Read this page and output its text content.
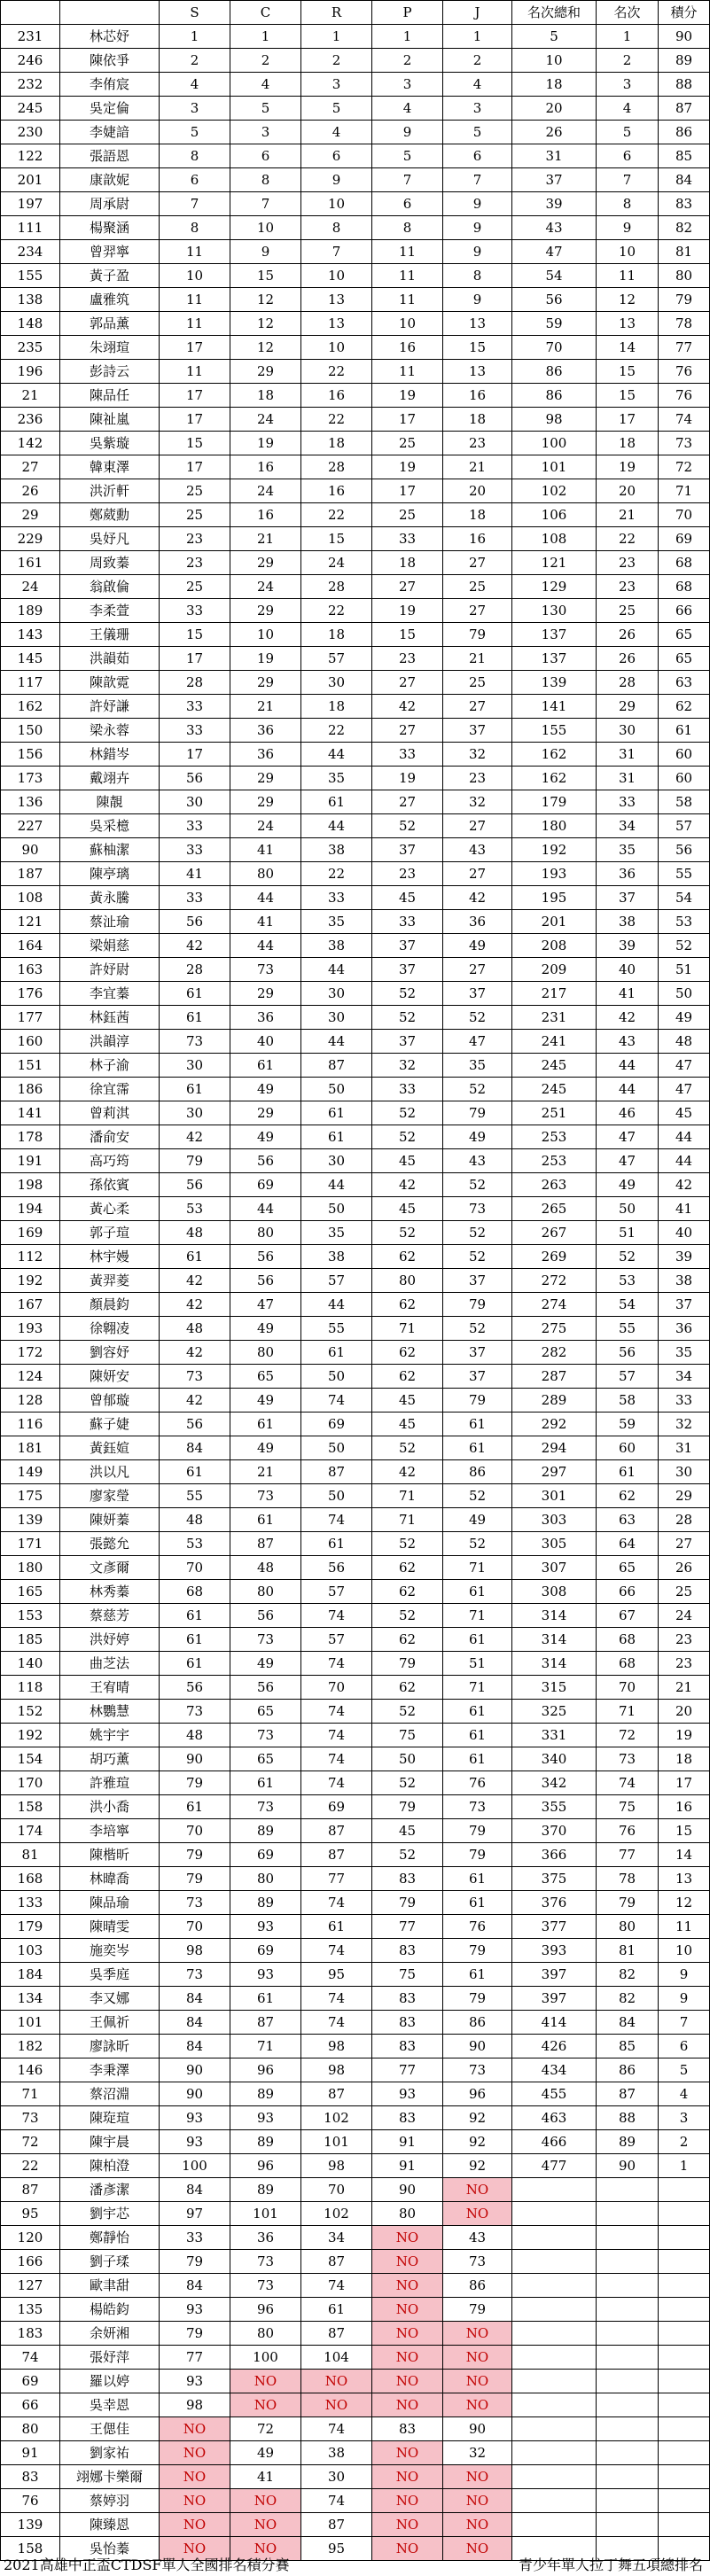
		S	C	R	P	J	名次總和	名次	積分
231	林芯妤	1	1	1	1	1	5	1	90
246	陳依爭	2	2	2	2	2	10	2	89
232	李侑宸	4	4	3	3	4	18	3	88
245	吳定倫	3	5	5	4	3	20	4	87
230	李婕諳	5	3	4	9	5	26	5	86
122	張語恩	8	6	6	5	6	31	6	85
201	康歆妮	6	8	9	7	7	37	7	84
197	周承尉	7	7	10	6	9	39	8	83
111	楊聚涵	8	10	8	8	9	43	9	82
234	曾羿寧	11	9	7	11	9	47	10	81
155	黃子盈	10	15	10	11	8	54	11	80
138	盧雅筑	11	12	13	11	9	56	12	79
148	郭品薰	11	12	13	10	13	59	13	78
235	朱翊瑄	17	12	10	16	15	70	14	77
196	彭詩云	11	29	22	11	13	86	15	76
21	陳品任	17	18	16	19	16	86	15	76
236	陳祉嵐	17	24	22	17	18	98	17	74
142	吳紫璇	15	19	18	25	23	100	18	73
27	韓東澤	17	16	28	19	21	101	19	72
26	洪沂軒	25	24	16	17	20	102	20	71
29	鄭葳勳	25	16	22	25	18	106	21	70
229	吳妤凡	23	21	15	33	16	108	22	69
161	周致蓁	23	29	24	18	27	121	23	68
24	翁啟倫	25	24	28	27	25	129	23	68
189	李柔萱	33	29	22	19	27	130	25	66
143	王儀珊	15	10	18	15	79	137	26	65
145	洪韻茹	17	19	57	23	21	137	26	65
117	陳歆霓	28	29	30	27	25	139	28	63
162	許妤謙	33	21	18	42	27	141	29	62
150	梁永蓉	33	36	22	27	37	155	30	61
156	林錯岑	17	36	44	33	32	162	31	60
173	戴翊卉	56	29	35	19	23	162	31	60
136	陳靚	30	29	61	27	32	179	33	58
227	吳采檍	33	24	44	52	27	180	34	57
90	蘇柚潔	33	41	38	37	43	192	35	56
187	陳亭璃	41	80	22	23	27	193	36	55
108	黃永騰	33	44	33	45	42	195	37	54
121	蔡沚瑜	56	41	35	33	36	201	38	53
164	梁娟慈	42	44	38	37	49	208	39	52
163	許妤尉	28	73	44	37	27	209	40	51
176	李宜蓁	61	29	30	52	37	217	41	50
177	林鈺茜	61	36	30	52	52	231	42	49
160	洪韻淳	73	40	44	37	47	241	43	48
151	林子渝	30	61	87	32	35	245	44	47
186	徐宜霈	61	49	50	33	52	245	44	47
141	曾莉淇	30	29	61	52	79	251	46	45
178	潘俞安	42	49	61	52	49	253	47	44
191	高巧筠	79	56	30	45	43	253	47	44
198	孫依賓	56	69	44	42	52	263	49	42
194	黃心柔	53	44	50	45	73	265	50	41
169	郭子瑄	48	80	35	52	52	267	51	40
112	林宇嫚	61	56	38	62	52	269	52	39
192	黃羿菱	42	56	57	80	37	272	53	38
167	顏晨鈞	42	47	44	62	79	274	54	37
193	徐翺凌	48	49	55	71	52	275	55	36
172	劉容妤	42	80	61	62	37	282	56	35
124	陳妍安	73	65	50	62	37	287	57	34
128	曾郁璇	42	49	74	45	79	289	58	33
116	蘇子婕	56	61	69	45	61	292	59	32
181	黃鈺媗	84	49	50	52	61	294	60	31
149	洪以凡	61	21	87	42	86	297	61	30
175	廖家瑩	55	73	50	71	52	301	62	29
139	陳妍蓁	48	61	74	71	49	303	63	28
171	張懿允	53	87	61	52	52	305	64	27
180	文彥爾	70	48	56	62	71	307	65	26
165	林秀蓁	68	80	57	62	61	308	66	25
153	蔡慈芳	61	56	74	52	71	314	67	24
185	洪妤婷	61	73	57	62	61	314	68	23
140	曲芝法	61	49	74	79	51	314	68	23
118	王宥晴	56	56	70	62	71	315	70	21
152	林鸚慧	73	65	74	52	61	325	71	20
192	姚宇宇	48	73	74	75	61	331	72	19
154	胡巧薰	90	65	74	50	61	340	73	18
170	許雅瑄	79	61	74	52	76	342	74	17
158	洪小喬	61	73	69	79	73	355	75	16
174	李培寧	70	89	87	45	79	370	76	15
81	陳楷昕	79	69	87	52	79	366	77	14
168	林暐喬	79	80	77	83	61	375	78	13
133	陳品瑜	73	89	74	79	61	376	79	12
179	陳晴雯	70	93	61	77	76	377	80	11
103	施奕岑	98	69	74	83	79	393	81	10
184	吳季庭	73	93	95	75	61	397	82	9
134	李又娜	84	61	74	83	79	397	82	9
101	王佩祈	84	87	74	83	86	414	84	7
182	廖詠昕	84	71	98	83	90	426	85	6
146	李秉澤	90	96	98	77	73	434	86	5
71	蔡沼淵	90	89	87	93	96	455	87	4
73	陳琁瑄	93	93	102	83	92	463	88	3
72	陳宇晨	93	89	101	91	92	466	89	2
22	陳柏澄	100	96	98	91	92	477	90	1
87	潘彥潔	84	89	70	90	NO			
95	劉宇芯	97	101	102	80	NO			
120	鄭靜怡	33	36	34	NO	43			
166	劉子瑈	79	73	87	NO	73			
127	歐聿甜	84	73	74	NO	86			
135	楊皓鈞	93	96	61	NO	79			
183	余妍湘	79	80	87	NO	NO			
74	張妤萍	77	100	104	NO	NO			
69	羅以婷	93	NO	NO	NO	NO			
66	吳幸恩	98	NO	NO	NO	NO			
80	王偲佳	NO	72	74	83	90			
91	劉家祐	NO	49	38	NO	32			
83	翊娜卡樂爾	NO	41	30	NO	NO			
76	蔡婷羽	NO	NO	74	NO	NO			
139	陳臻恩	NO	NO	87	NO	NO			
158	吳怡蓁	NO	NO	95	NO	NO			
2021高雄中正盃CTDSF單人全國排名積分賽	青少年單人拉丁舞五項總排名
